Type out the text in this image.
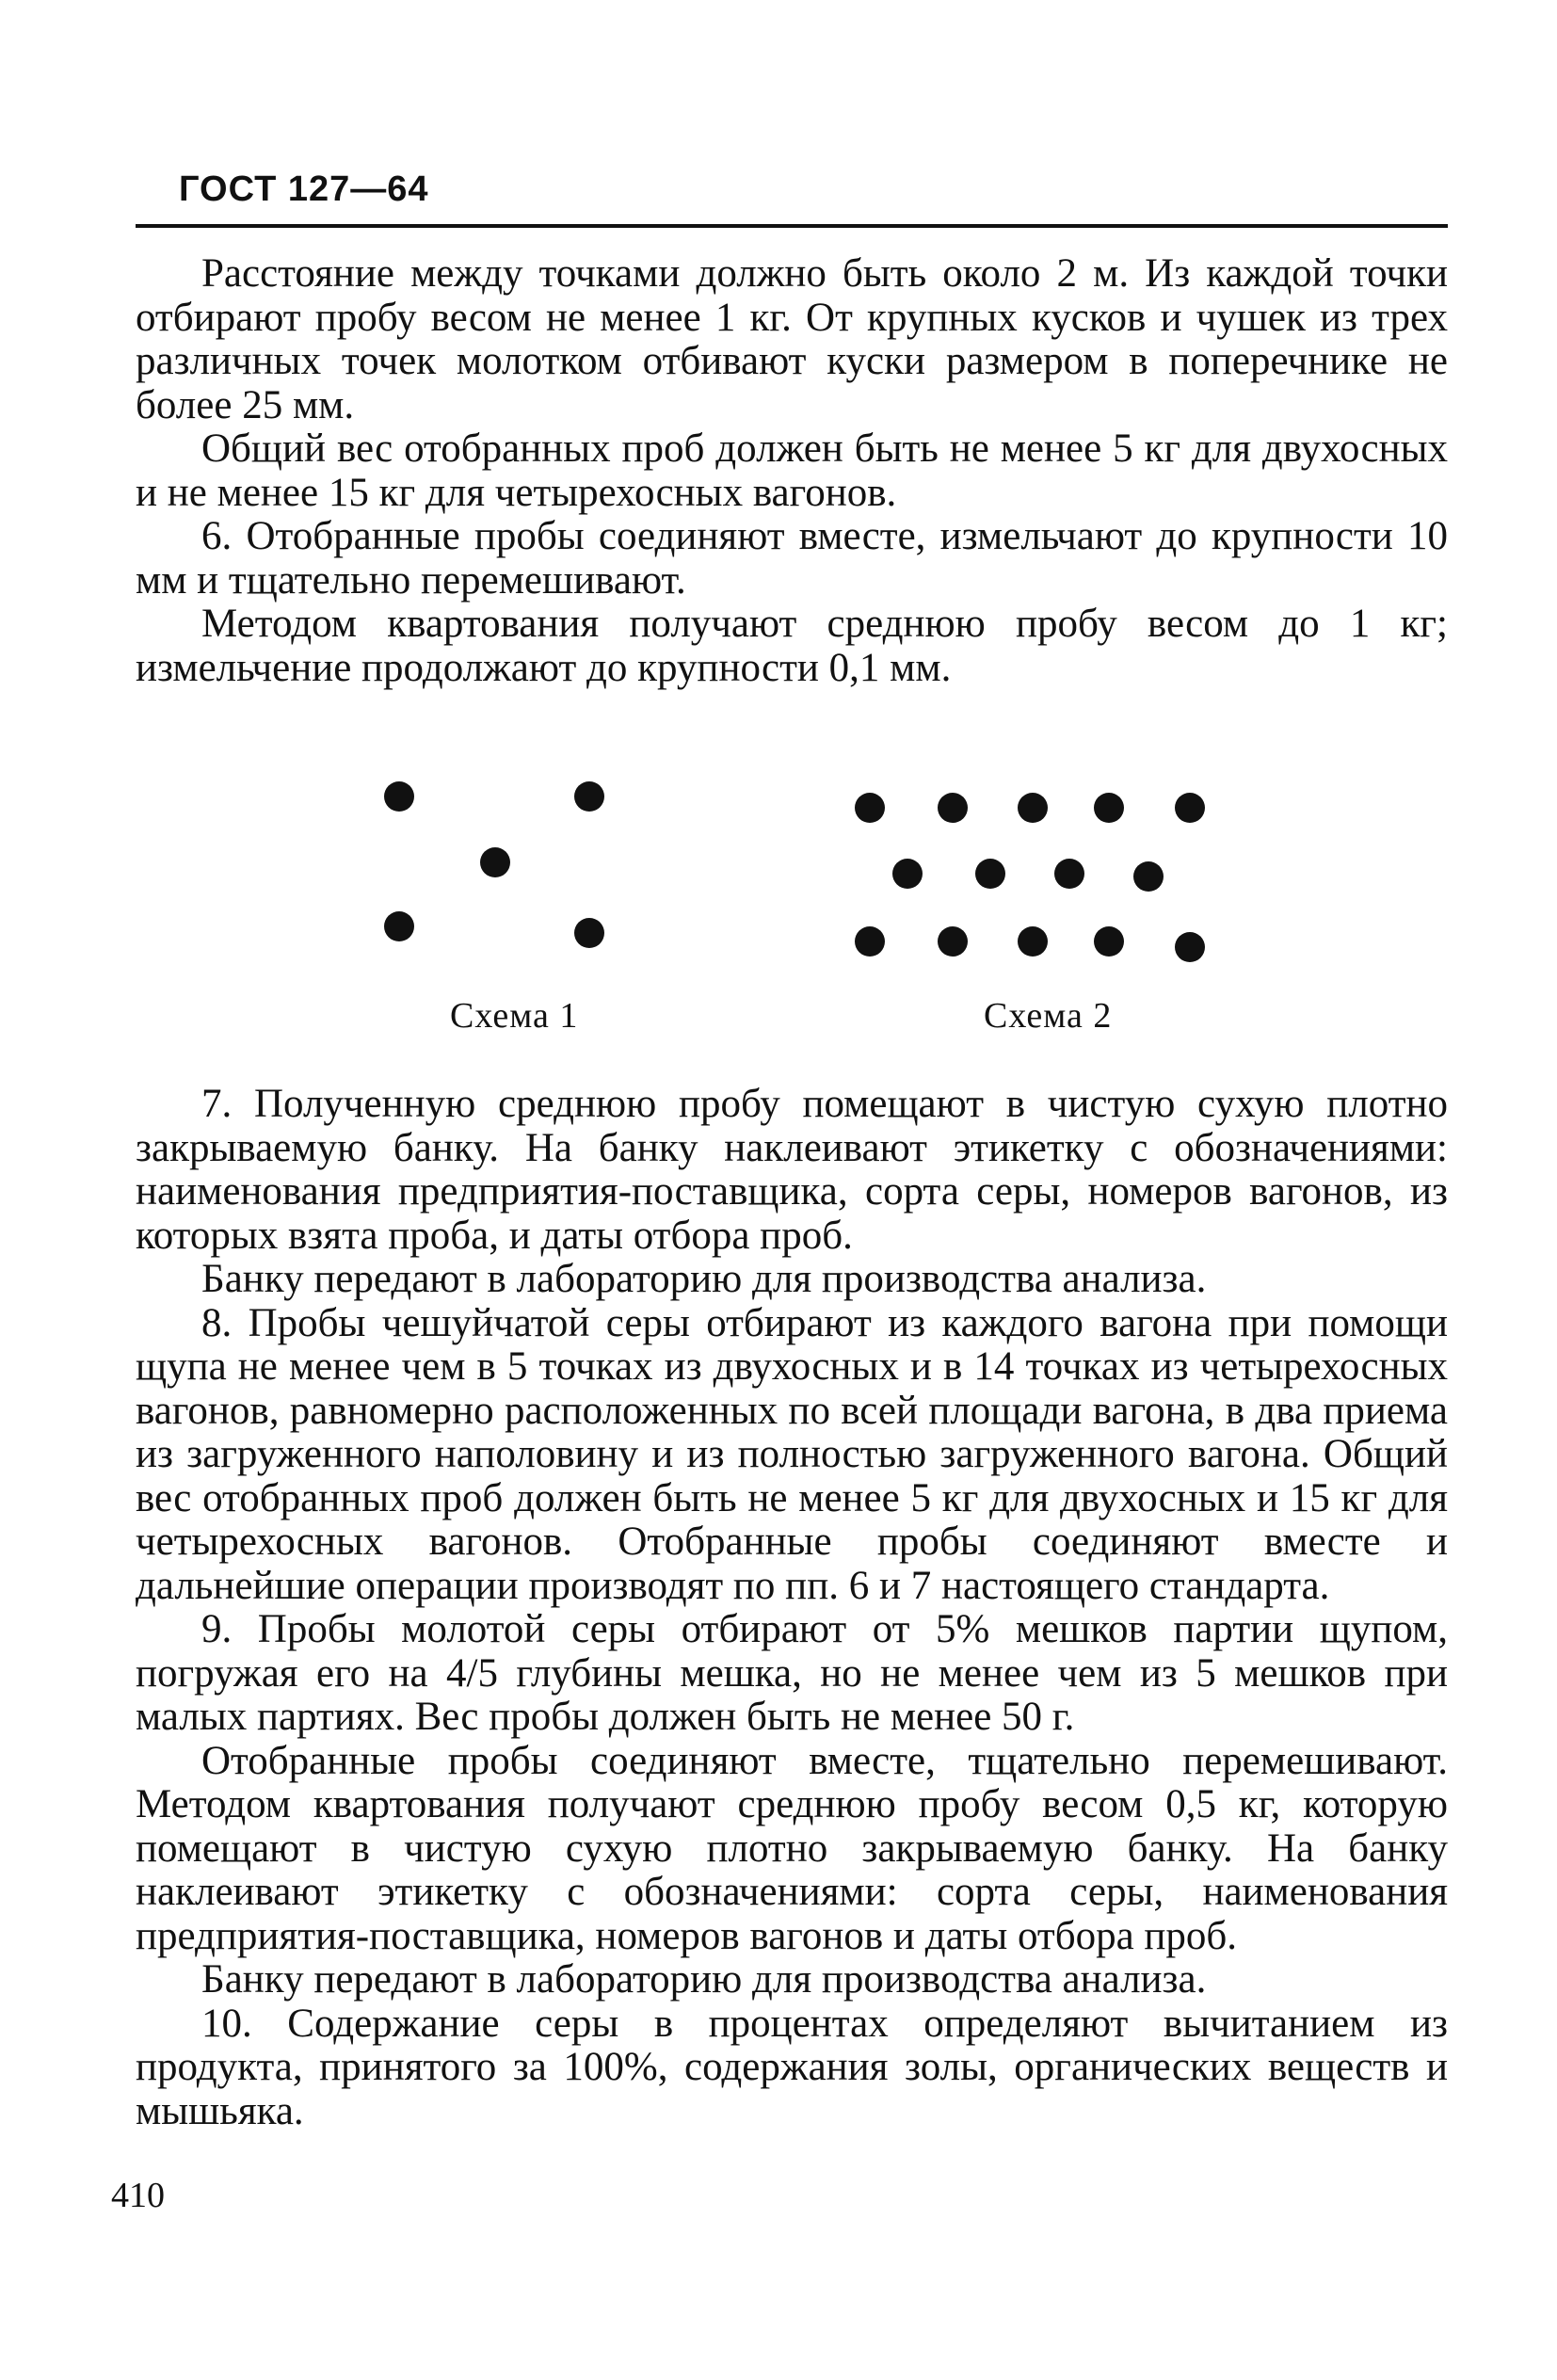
ГОСТ 127—64

Расстояние между точками должно быть около 2 м. Из каждой точки отбирают пробу весом не менее 1 кг. От крупных кусков и чушек из трех различных точек молотком отбивают куски размером в поперечнике не более 25 мм.

Общий вес отобранных проб должен быть не менее 5 кг для двухосных и не менее 15 кг для четырехосных вагонов.

6. Отобранные пробы соединяют вместе, измельчают до крупности 10 мм и тщательно перемешивают.

Методом квартования получают среднюю пробу весом до 1 кг; измельчение продолжают до крупности 0,1 мм.

Схема 1	Схема 2

7. Полученную среднюю пробу помещают в чистую сухую плотно закрываемую банку. На банку наклеивают этикетку с обозначениями: наименования предприятия-поставщика, сорта серы, номеров вагонов, из которых взята проба, и даты отбора проб.

Банку передают в лабораторию для производства анализа.

8. Пробы чешуйчатой серы отбирают из каждого вагона при помощи щупа не менее чем в 5 точках из двухосных и в 14 точках из четырехосных вагонов, равномерно расположенных по всей площади вагона, в два приема из загруженного наполовину и из полностью загруженного вагона. Общий вес отобранных проб должен быть не менее 5 кг для двухосных и 15 кг для четырехосных вагонов. Отобранные пробы соединяют вместе и дальнейшие операции производят по пп. 6 и 7 настоящего стандарта.

9. Пробы молотой серы отбирают от 5% мешков партии щупом, погружая его на 4/5 глубины мешка, но не менее чем из 5 мешков при малых партиях. Вес пробы должен быть не менее 50 г.

Отобранные пробы соединяют вместе, тщательно перемешивают. Методом квартования получают среднюю пробу весом 0,5 кг, которую помещают в чистую сухую плотно закрываемую банку. На банку наклеивают этикетку с обозначениями: сорта серы, наименования предприятия-поставщика, номеров вагонов и даты отбора проб.

Банку передают в лабораторию для производства анализа.

10. Содержание серы в процентах определяют вычитанием из продукта, принятого за 100%, содержания золы, органических веществ и мышьяка.

410
